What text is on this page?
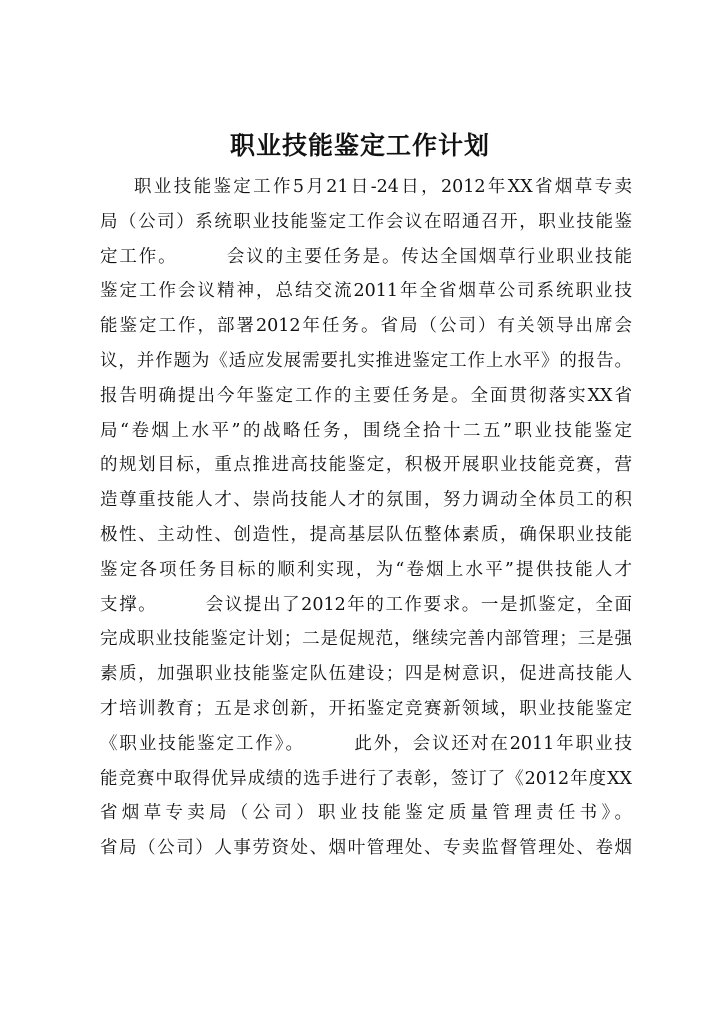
职业技能鉴定工作计划
职业技能鉴定工作5月21日-24日，2012年XX省烟草专卖
局（公司）系统职业技能鉴定工作会议在昭通召开，职业技能鉴
定工作。　　　会议的主要任务是。传达全国烟草行业职业技能
鉴定工作会议精神，总结交流2011年全省烟草公司系统职业技
能鉴定工作，部署2012年任务。省局（公司）有关领导出席会
议，并作题为《适应发展需要扎实推进鉴定工作上水平》的报告。
报告明确提出今年鉴定工作的主要任务是。全面贯彻落实XX省
局“卷烟上水平”的战略任务，围绕全拾十二五”职业技能鉴定
的规划目标，重点推进高技能鉴定，积极开展职业技能竞赛，营
造尊重技能人才、崇尚技能人才的氛围，努力调动全体员工的积
极性、主动性、创造性，提高基层队伍整体素质，确保职业技能
鉴定各项任务目标的顺利实现，为“卷烟上水平”提供技能人才
支撑。　　　会议提出了2012年的工作要求。一是抓鉴定，全面
完成职业技能鉴定计划；二是促规范，继续完善内部管理；三是强
素质，加强职业技能鉴定队伍建设；四是树意识，促进高技能人
才培训教育；五是求创新，开拓鉴定竞赛新领域，职业技能鉴定
《职业技能鉴定工作》。　　　此外，会议还对在2011年职业技
能竞赛中取得优异成绩的选手进行了表彰，签订了《2012年度XX
省烟草专卖局（公司）职业技能鉴定质量管理责任书》。
省局（公司）人事劳资处、烟叶管理处、专卖监督管理处、卷烟
